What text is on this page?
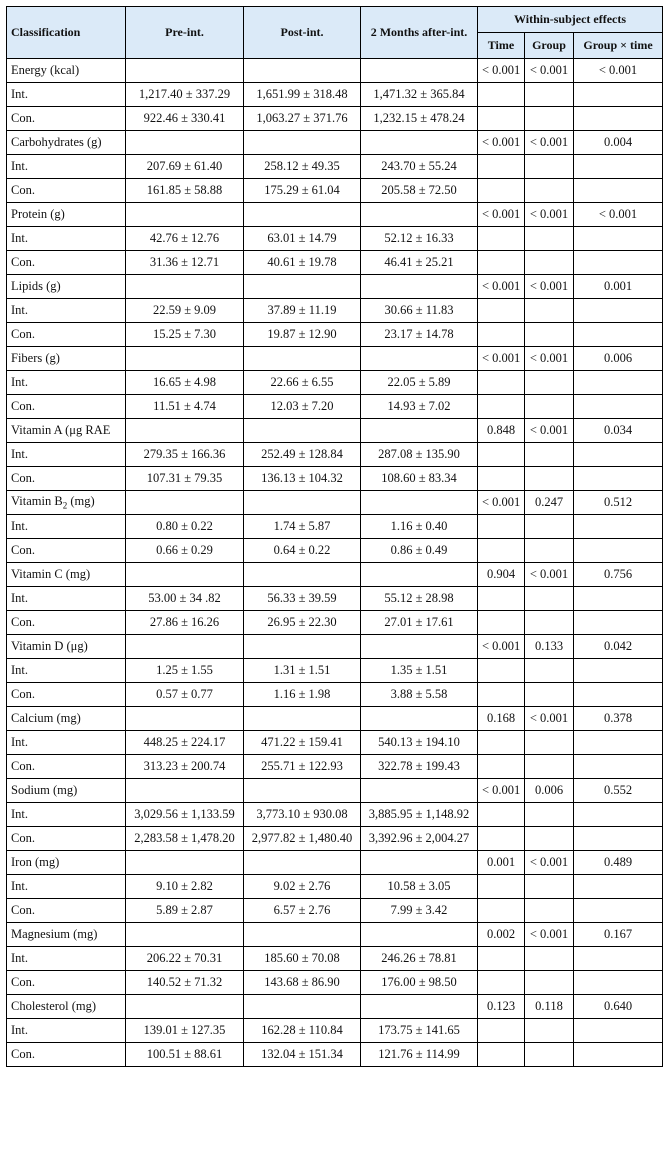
Classification	Pre-int.	Post-int.	2 Months after-int.	Within-subject effects		
				Time	Group	Group × time
Energy (kcal)				< 0.001	< 0.001	< 0.001
Int.	1,217.40 ± 337.29	1,651.99 ± 318.48	1,471.32 ± 365.84			
Con.	922.46 ± 330.41	1,063.27 ± 371.76	1,232.15 ± 478.24			
Carbohydrates (g)				< 0.001	< 0.001	0.004
Int.	207.69 ± 61.40	258.12 ± 49.35	243.70 ± 55.24			
Con.	161.85 ± 58.88	175.29 ± 61.04	205.58 ± 72.50			
Protein (g)				< 0.001	< 0.001	< 0.001
Int.	42.76 ± 12.76	63.01 ± 14.79	52.12 ± 16.33			
Con.	31.36 ± 12.71	40.61 ± 19.78	46.41 ± 25.21			
Lipids (g)				< 0.001	< 0.001	0.001
Int.	22.59 ± 9.09	37.89 ± 11.19	30.66 ± 11.83			
Con.	15.25 ± 7.30	19.87 ± 12.90	23.17 ± 14.78			
Fibers (g)				< 0.001	< 0.001	0.006
Int.	16.65 ± 4.98	22.66 ± 6.55	22.05 ± 5.89			
Con.	11.51 ± 4.74	12.03 ± 7.20	14.93 ± 7.02			
Vitamin A (μg RAE				0.848	< 0.001	0.034
Int.	279.35 ± 166.36	252.49 ± 128.84	287.08 ± 135.90			
Con.	107.31 ± 79.35	136.13 ± 104.32	108.60 ± 83.34			
Vitamin $B_2$ (mg)				< 0.001	0.247	0.512
Int.	0.80 ± 0.22	1.74 ± 5.87	1.16 ± 0.40			
Con.	0.66 ± 0.29	0.64 ± 0.22	0.86 ± 0.49			
Vitamin C (mg)				0.904	< 0.001	0.756
Int.	53.00 ± 34 .82	56.33 ± 39.59	55.12 ± 28.98			
Con.	27.86 ± 16.26	26.95 ± 22.30	27.01 ± 17.61			
Vitamin D (μg)				< 0.001	0.133	0.042
Int.	1.25 ± 1.55	1.31 ± 1.51	1.35 ± 1.51			
Con.	0.57 ± 0.77	1.16 ± 1.98	3.88 ± 5.58			
Calcium (mg)				0.168	< 0.001	0.378
Int.	448.25 ± 224.17	471.22 ± 159.41	540.13 ± 194.10			
Con.	313.23 ± 200.74	255.71 ± 122.93	322.78 ± 199.43			
Sodium (mg)				< 0.001	0.006	0.552
Int.	3,029.56 ± 1,133.59	3,773.10 ± 930.08	3,885.95 ± 1,148.92			
Con.	2,283.58 ± 1,478.20	2,977.82 ± 1,480.40	3,392.96 ± 2,004.27			
Iron (mg)				0.001	< 0.001	0.489
Int.	9.10 ± 2.82	9.02 ± 2.76	10.58 ± 3.05			
Con.	5.89 ± 2.87	6.57 ± 2.76	7.99 ± 3.42			
Magnesium (mg)				0.002	< 0.001	0.167
Int.	206.22 ± 70.31	185.60 ± 70.08	246.26 ± 78.81			
Con.	140.52 ± 71.32	143.68 ± 86.90	176.00 ± 98.50			
Cholesterol (mg)				0.123	0.118	0.640
Int.	139.01 ± 127.35	162.28 ± 110.84	173.75 ± 141.65			
Con.	100.51 ± 88.61	132.04 ± 151.34	121.76 ± 114.99			
